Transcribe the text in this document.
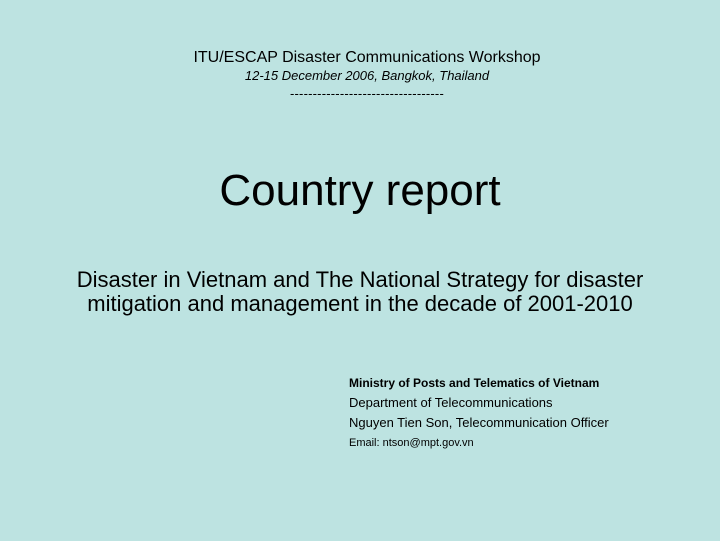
ITU/ESCAP Disaster Communications Workshop
12-15 December 2006, Bangkok, Thailand
----------------------------------
Country report
Disaster in Vietnam and The National Strategy for disaster mitigation and management in the decade of 2001-2010
Ministry of Posts and Telematics of Vietnam
Department of Telecommunications
Nguyen Tien Son, Telecommunication Officer
Email: ntson@mpt.gov.vn
